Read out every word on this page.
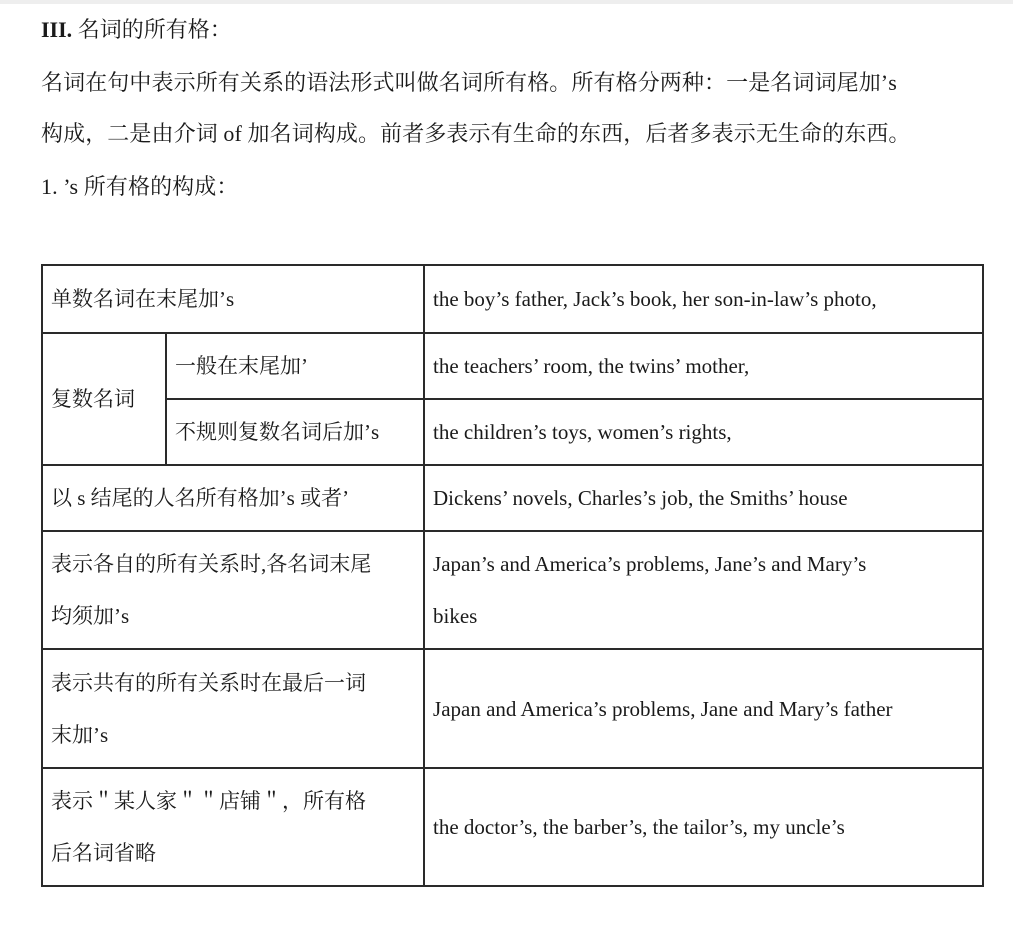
III. 名词的所有格：
名词在句中表示所有关系的语法形式叫做名词所有格。所有格分两种：一是名词词尾加’s
构成，二是由介词 of 加名词构成。前者多表示有生命的东西，后者多表示无生命的东西。
1. ’s 所有格的构成：
单数名词在末尾加’s		the boy’s father, Jack’s book, her son-in-law’s photo,
复数名词	一般在末尾加’	the teachers’ room, the twins’ mother,
	不规则复数名词后加’s	the children’s toys, women’s rights,
以 s 结尾的人名所有格加’s 或者’		Dickens’ novels, Charles’s job, the Smiths’ house

表示各自的所有关系时,各名词末尾
均须加’s		Japan’s and America’s problems, Jane’s and Mary’s
bikes

表示共有的所有关系时在最后一词
末加’s		Japan and America’s problems, Jane and Mary’s father

表示＂某人家＂＂店铺＂，所有格
后名词省略		the doctor’s, the barber’s, the tailor’s, my uncle’s
